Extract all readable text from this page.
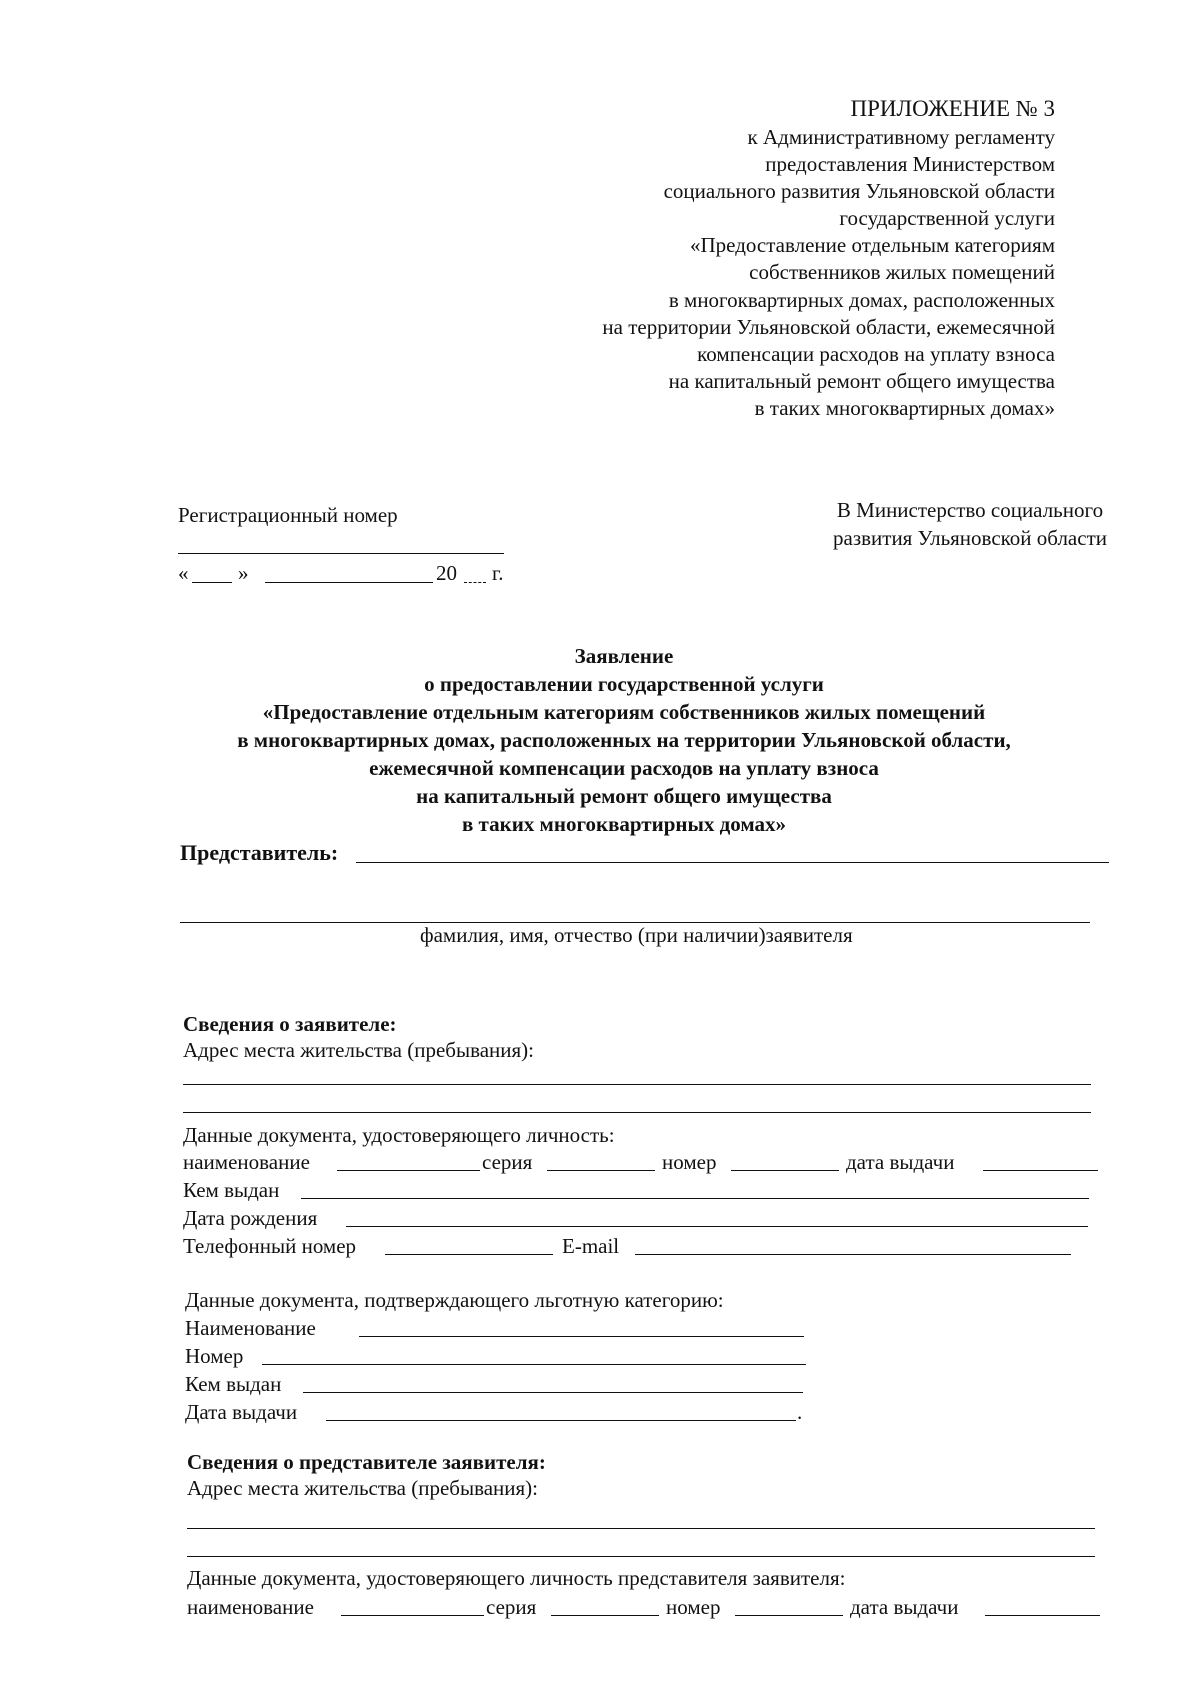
ПРИЛОЖЕНИЕ № 3
к Административному регламенту
предоставления Министерством
социального развития Ульяновской области
государственной услуги
«Предоставление отдельным категориям
собственников жилых помещений
в многоквартирных домах, расположенных
на территории Ульяновской области, ежемесячной
компенсации расходов на уплату взноса
на капитальный ремонт общего имущества
в таких многоквартирных домах»
Регистрационный номер
« »	20 г.
В Министерство социального
развития Ульяновской области
Заявление
о предоставлении государственной услуги
«Предоставление отдельным категориям собственников жилых помещений
в многоквартирных домах, расположенных на территории Ульяновской области,
ежемесячной компенсации расходов на уплату взноса
на капитальный ремонт общего имущества
в таких многоквартирных домах»
Представитель:
фамилия, имя, отчество (при наличии)заявителя
Сведения о заявителе:
Адрес места жительства (пребывания):
Данные документа, удостоверяющего личность:
наименование	серия	номер	дата выдачи
Кем выдан
Дата рождения
Телефонный номер	E-mail
Данные документа, подтверждающего льготную категорию:
Наименование
Номер
Кем выдан
Дата выдачи	.
Сведения о представителе заявителя:
Адрес места жительства (пребывания):
Данные документа, удостоверяющего личность представителя заявителя:
наименование	серия	номер	дата выдачи
